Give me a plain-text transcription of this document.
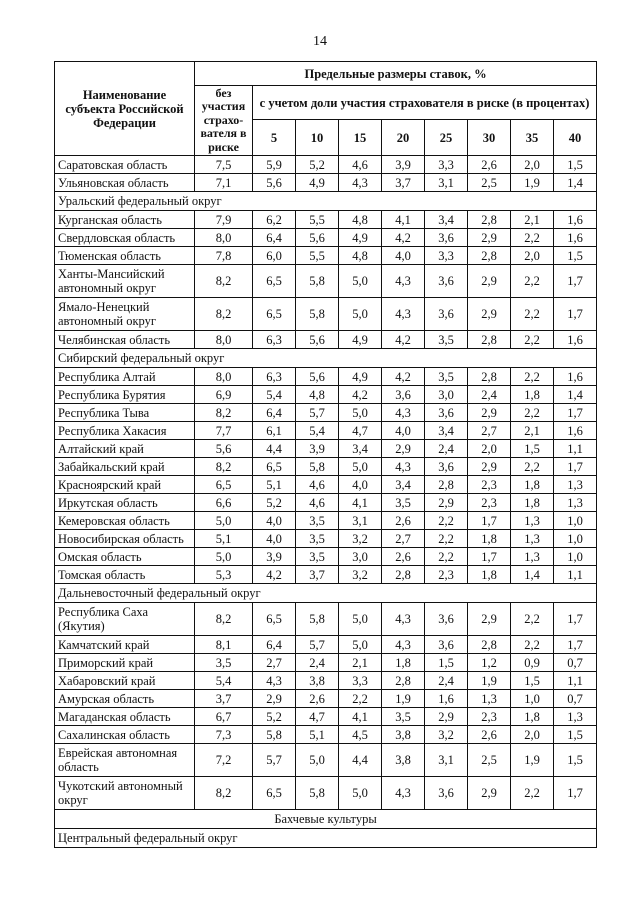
14
Наименование субъекта Российской Федерации	Предельные размеры ставок, %								
	без участия страхо-вателя в риске	с учетом доли участия страхователя в риске (в процентах)							
		5	10	15	20	25	30	35	40
Саратовская область	7,5	5,9	5,2	4,6	3,9	3,3	2,6	2,0	1,5
Ульяновская область	7,1	5,6	4,9	4,3	3,7	3,1	2,5	1,9	1,4
Уральский федеральный округ									
Курганская область	7,9	6,2	5,5	4,8	4,1	3,4	2,8	2,1	1,6
Свердловская область	8,0	6,4	5,6	4,9	4,2	3,6	2,9	2,2	1,6
Тюменская область	7,8	6,0	5,5	4,8	4,0	3,3	2,8	2,0	1,5
Ханты-Мансийский автономный округ	8,2	6,5	5,8	5,0	4,3	3,6	2,9	2,2	1,7
Ямало-Ненецкий автономный округ	8,2	6,5	5,8	5,0	4,3	3,6	2,9	2,2	1,7
Челябинская область	8,0	6,3	5,6	4,9	4,2	3,5	2,8	2,2	1,6
Сибирский федеральный округ									
Республика Алтай	8,0	6,3	5,6	4,9	4,2	3,5	2,8	2,2	1,6
Республика Бурятия	6,9	5,4	4,8	4,2	3,6	3,0	2,4	1,8	1,4
Республика Тыва	8,2	6,4	5,7	5,0	4,3	3,6	2,9	2,2	1,7
Республика Хакасия	7,7	6,1	5,4	4,7	4,0	3,4	2,7	2,1	1,6
Алтайский край	5,6	4,4	3,9	3,4	2,9	2,4	2,0	1,5	1,1
Забайкальский край	8,2	6,5	5,8	5,0	4,3	3,6	2,9	2,2	1,7
Красноярский край	6,5	5,1	4,6	4,0	3,4	2,8	2,3	1,8	1,3
Иркутская область	6,6	5,2	4,6	4,1	3,5	2,9	2,3	1,8	1,3
Кемеровская область	5,0	4,0	3,5	3,1	2,6	2,2	1,7	1,3	1,0
Новосибирская область	5,1	4,0	3,5	3,2	2,7	2,2	1,8	1,3	1,0
Омская область	5,0	3,9	3,5	3,0	2,6	2,2	1,7	1,3	1,0
Томская область	5,3	4,2	3,7	3,2	2,8	2,3	1,8	1,4	1,1
Дальневосточный федеральный округ									
Республика Саха (Якутия)	8,2	6,5	5,8	5,0	4,3	3,6	2,9	2,2	1,7
Камчатский край	8,1	6,4	5,7	5,0	4,3	3,6	2,8	2,2	1,7
Приморский край	3,5	2,7	2,4	2,1	1,8	1,5	1,2	0,9	0,7
Хабаровский край	5,4	4,3	3,8	3,3	2,8	2,4	1,9	1,5	1,1
Амурская область	3,7	2,9	2,6	2,2	1,9	1,6	1,3	1,0	0,7
Магаданская область	6,7	5,2	4,7	4,1	3,5	2,9	2,3	1,8	1,3
Сахалинская область	7,3	5,8	5,1	4,5	3,8	3,2	2,6	2,0	1,5
Еврейская автономная область	7,2	5,7	5,0	4,4	3,8	3,1	2,5	1,9	1,5
Чукотский автономный округ	8,2	6,5	5,8	5,0	4,3	3,6	2,9	2,2	1,7
Бахчевые культуры									
Центральный федеральный округ									
